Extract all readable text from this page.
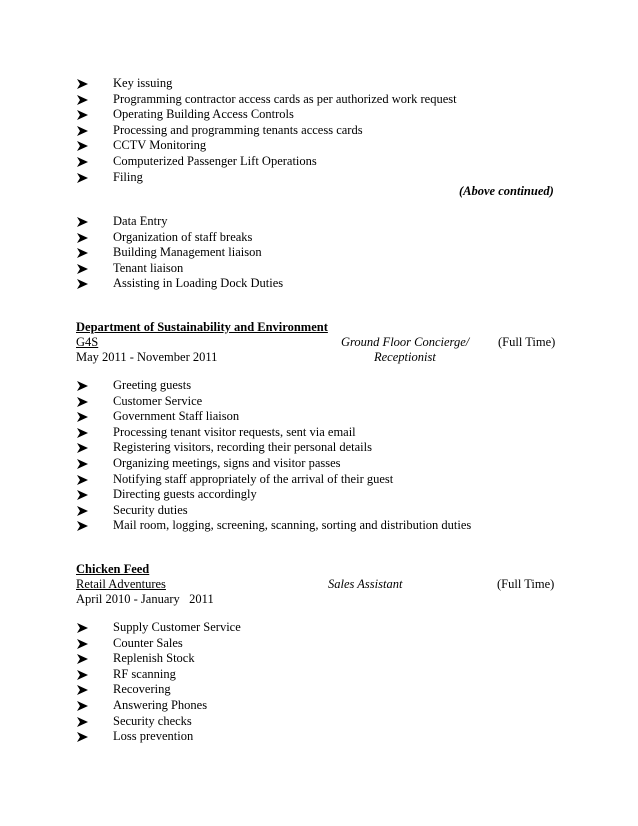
Key issuing
Programming contractor access cards as per authorized work request
Operating Building Access Controls
Processing and programming tenants access cards
CCTV Monitoring
Computerized Passenger Lift Operations
Filing
(Above continued)
Data Entry
Organization of staff breaks
Building Management liaison
Tenant liaison
Assisting in Loading Dock Duties
Department of Sustainability and Environment
G4S
May 2011 - November 2011
Ground Floor Concierge/
Receptionist
(Full Time)
Greeting guests
Customer Service
Government Staff liaison
Processing tenant visitor requests, sent via email
Registering visitors, recording their personal details
Organizing meetings, signs and visitor passes
Notifying staff appropriately of the arrival of their guest
Directing guests accordingly
Security duties
Mail room, logging, screening, scanning, sorting and distribution duties
Chicken Feed
Retail Adventures
April 2010 - January   2011
Sales Assistant	(Full Time)
Supply Customer Service
Counter Sales
Replenish Stock
RF scanning
Recovering
Answering Phones
Security checks
Loss prevention
